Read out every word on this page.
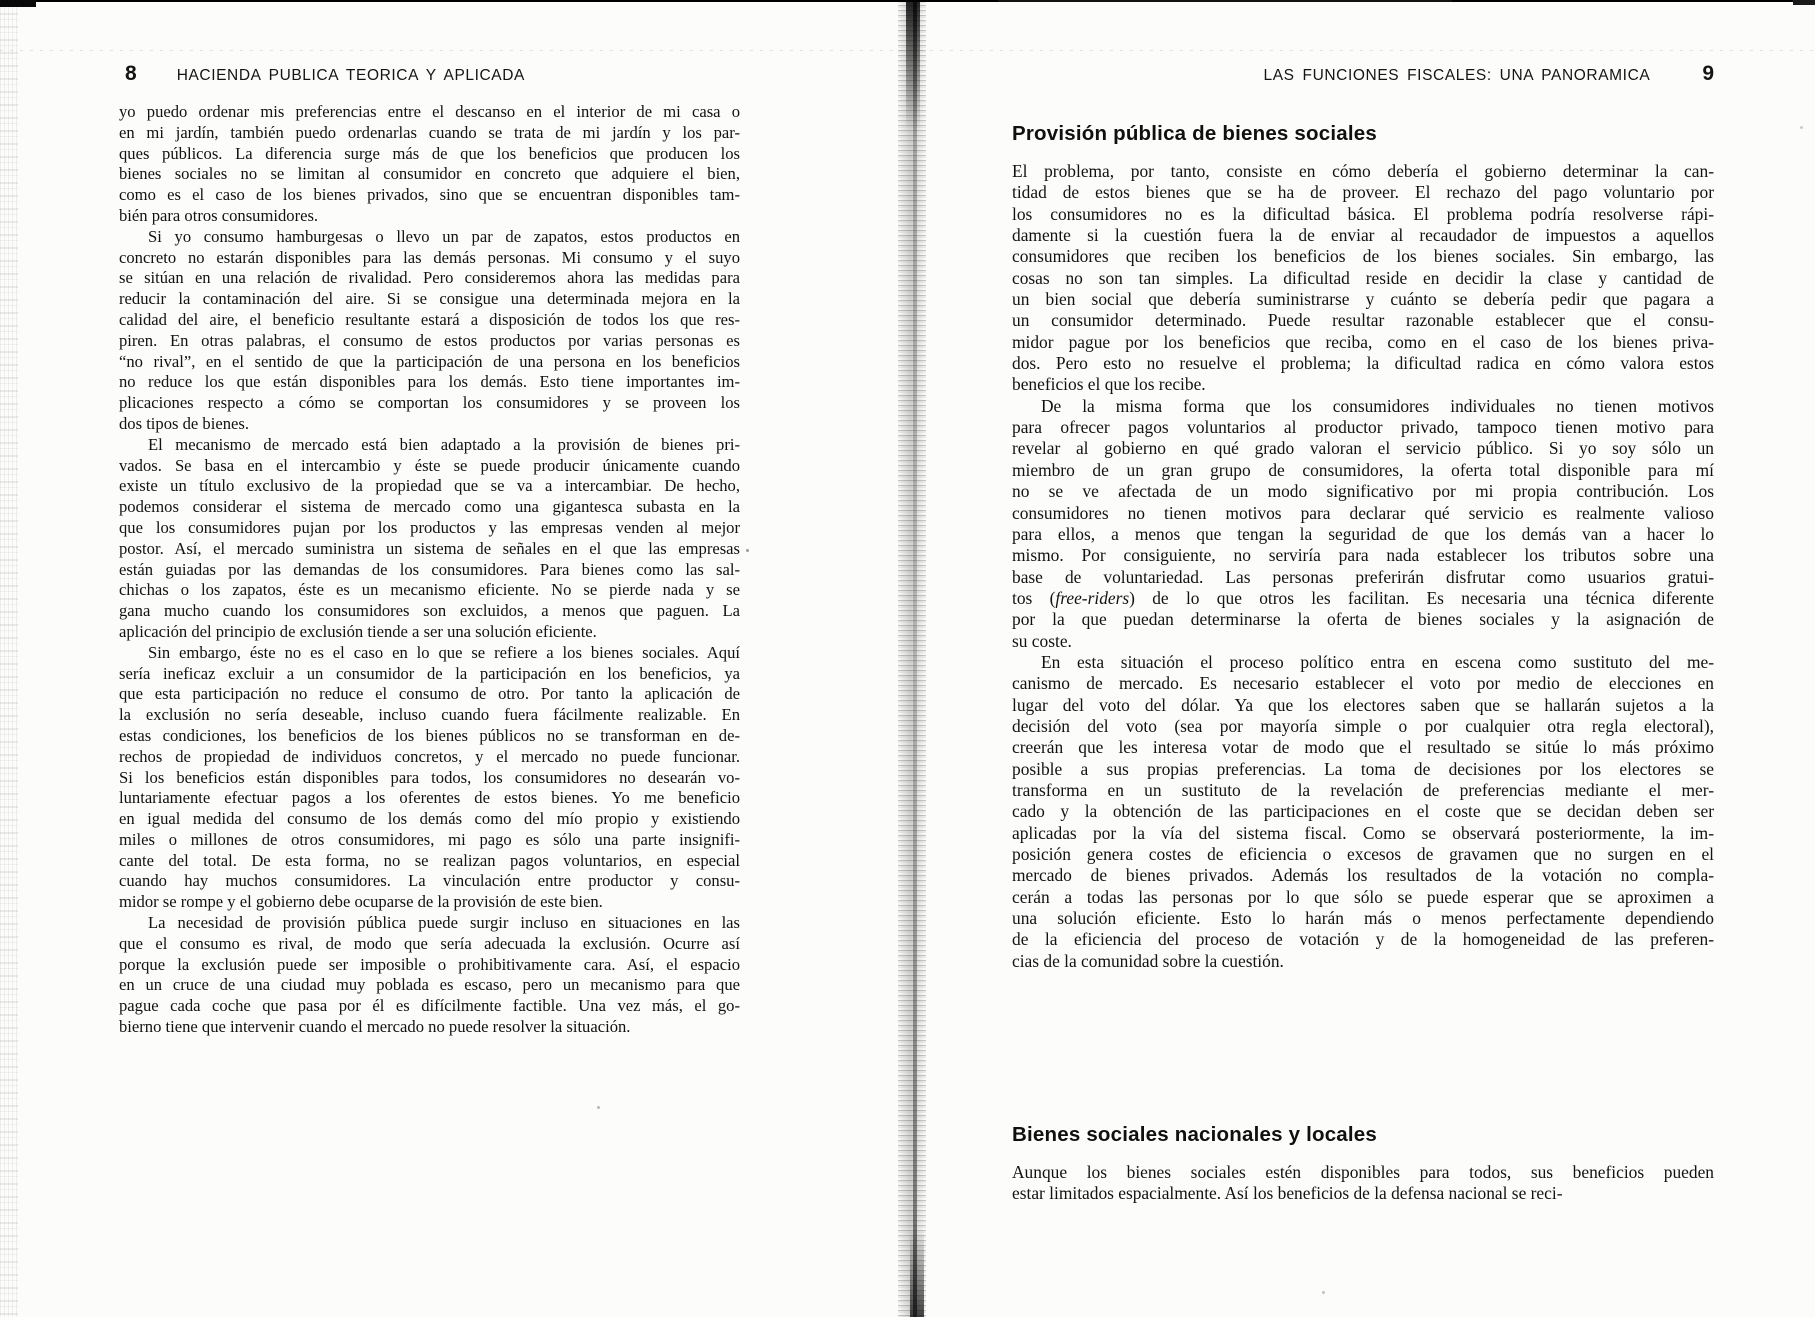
8	HACIENDA PUBLICA TEORICA Y APLICADA
yo puedo ordenar mis preferencias entre el descanso en el interior de mi casa o
en mi jardín, también puedo ordenarlas cuando se trata de mi jardín y los par-
ques públicos. La diferencia surge más de que los beneficios que producen los
bienes sociales no se limitan al consumidor en concreto que adquiere el bien,
como es el caso de los bienes privados, sino que se encuentran disponibles tam-
bién para otros consumidores.
Si yo consumo hamburgesas o llevo un par de zapatos, estos productos en
concreto no estarán disponibles para las demás personas. Mi consumo y el suyo
se sitúan en una relación de rivalidad. Pero consideremos ahora las medidas para
reducir la contaminación del aire. Si se consigue una determinada mejora en la
calidad del aire, el beneficio resultante estará a disposición de todos los que res-
piren. En otras palabras, el consumo de estos productos por varias personas es
“no rival”, en el sentido de que la participación de una persona en los beneficios
no reduce los que están disponibles para los demás. Esto tiene importantes im-
plicaciones respecto a cómo se comportan los consumidores y se proveen los
dos tipos de bienes.
El mecanismo de mercado está bien adaptado a la provisión de bienes pri-
vados. Se basa en el intercambio y éste se puede producir únicamente cuando
existe un título exclusivo de la propiedad que se va a intercambiar. De hecho,
podemos considerar el sistema de mercado como una gigantesca subasta en la
que los consumidores pujan por los productos y las empresas venden al mejor
postor. Así, el mercado suministra un sistema de señales en el que las empresas
están guiadas por las demandas de los consumidores. Para bienes como las sal-
chichas o los zapatos, éste es un mecanismo eficiente. No se pierde nada y se
gana mucho cuando los consumidores son excluidos, a menos que paguen. La
aplicación del principio de exclusión tiende a ser una solución eficiente.
Sin embargo, éste no es el caso en lo que se refiere a los bienes sociales. Aquí
sería ineficaz excluir a un consumidor de la participación en los beneficios, ya
que esta participación no reduce el consumo de otro. Por tanto la aplicación de
la exclusión no sería deseable, incluso cuando fuera fácilmente realizable. En
estas condiciones, los beneficios de los bienes públicos no se transforman en de-
rechos de propiedad de individuos concretos, y el mercado no puede funcionar.
Si los beneficios están disponibles para todos, los consumidores no desearán vo-
luntariamente efectuar pagos a los oferentes de estos bienes. Yo me beneficio
en igual medida del consumo de los demás como del mío propio y existiendo
miles o millones de otros consumidores, mi pago es sólo una parte insignifi-
cante del total. De esta forma, no se realizan pagos voluntarios, en especial
cuando hay muchos consumidores. La vinculación entre productor y consu-
midor se rompe y el gobierno debe ocuparse de la provisión de este bien.
La necesidad de provisión pública puede surgir incluso en situaciones en las
que el consumo es rival, de modo que sería adecuada la exclusión. Ocurre así
porque la exclusión puede ser imposible o prohibitivamente cara. Así, el espacio
en un cruce de una ciudad muy poblada es escaso, pero un mecanismo para que
pague cada coche que pasa por él es difícilmente factible. Una vez más, el go-
bierno tiene que intervenir cuando el mercado no puede resolver la situación.
LAS FUNCIONES FISCALES: UNA PANORAMICA 9
Provisión pública de bienes sociales
El problema, por tanto, consiste en cómo debería el gobierno determinar la can-
tidad de estos bienes que se ha de proveer. El rechazo del pago voluntario por
los consumidores no es la dificultad básica. El problema podría resolverse rápi-
damente si la cuestión fuera la de enviar al recaudador de impuestos a aquellos
consumidores que reciben los beneficios de los bienes sociales. Sin embargo, las
cosas no son tan simples. La dificultad reside en decidir la clase y cantidad de
un bien social que debería suministrarse y cuánto se debería pedir que pagara a
un consumidor determinado. Puede resultar razonable establecer que el consu-
midor pague por los beneficios que reciba, como en el caso de los bienes priva-
dos. Pero esto no resuelve el problema; la dificultad radica en cómo valora estos
beneficios el que los recibe.
De la misma forma que los consumidores individuales no tienen motivos
para ofrecer pagos voluntarios al productor privado, tampoco tienen motivo para
revelar al gobierno en qué grado valoran el servicio público. Si yo soy sólo un
miembro de un gran grupo de consumidores, la oferta total disponible para mí
no se ve afectada de un modo significativo por mi propia contribución. Los
consumidores no tienen motivos para declarar qué servicio es realmente valioso
para ellos, a menos que tengan la seguridad de que los demás van a hacer lo
mismo. Por consiguiente, no serviría para nada establecer los tributos sobre una
base de voluntariedad. Las personas preferirán disfrutar como usuarios gratui-
tos (free-riders) de lo que otros les facilitan. Es necesaria una técnica diferente
por la que puedan determinarse la oferta de bienes sociales y la asignación de
su coste.
En esta situación el proceso político entra en escena como sustituto del me-
canismo de mercado. Es necesario establecer el voto por medio de elecciones en
lugar del voto del dólar. Ya que los electores saben que se hallarán sujetos a la
decisión del voto (sea por mayoría simple o por cualquier otra regla electoral),
creerán que les interesa votar de modo que el resultado se sitúe lo más próximo
posible a sus propias preferencias. La toma de decisiones por los electores se
transforma en un sustituto de la revelación de preferencias mediante el mer-
cado y la obtención de las participaciones en el coste que se decidan deben ser
aplicadas por la vía del sistema fiscal. Como se observará posteriormente, la im-
posición genera costes de eficiencia o excesos de gravamen que no surgen en el
mercado de bienes privados. Además los resultados de la votación no compla-
cerán a todas las personas por lo que sólo se puede esperar que se aproximen a
una solución eficiente. Esto lo harán más o menos perfectamente dependiendo
de la eficiencia del proceso de votación y de la homogeneidad de las preferen-
cias de la comunidad sobre la cuestión.
Bienes sociales nacionales y locales
Aunque los bienes sociales estén disponibles para todos, sus beneficios pueden
estar limitados espacialmente. Así los beneficios de la defensa nacional se reci-
